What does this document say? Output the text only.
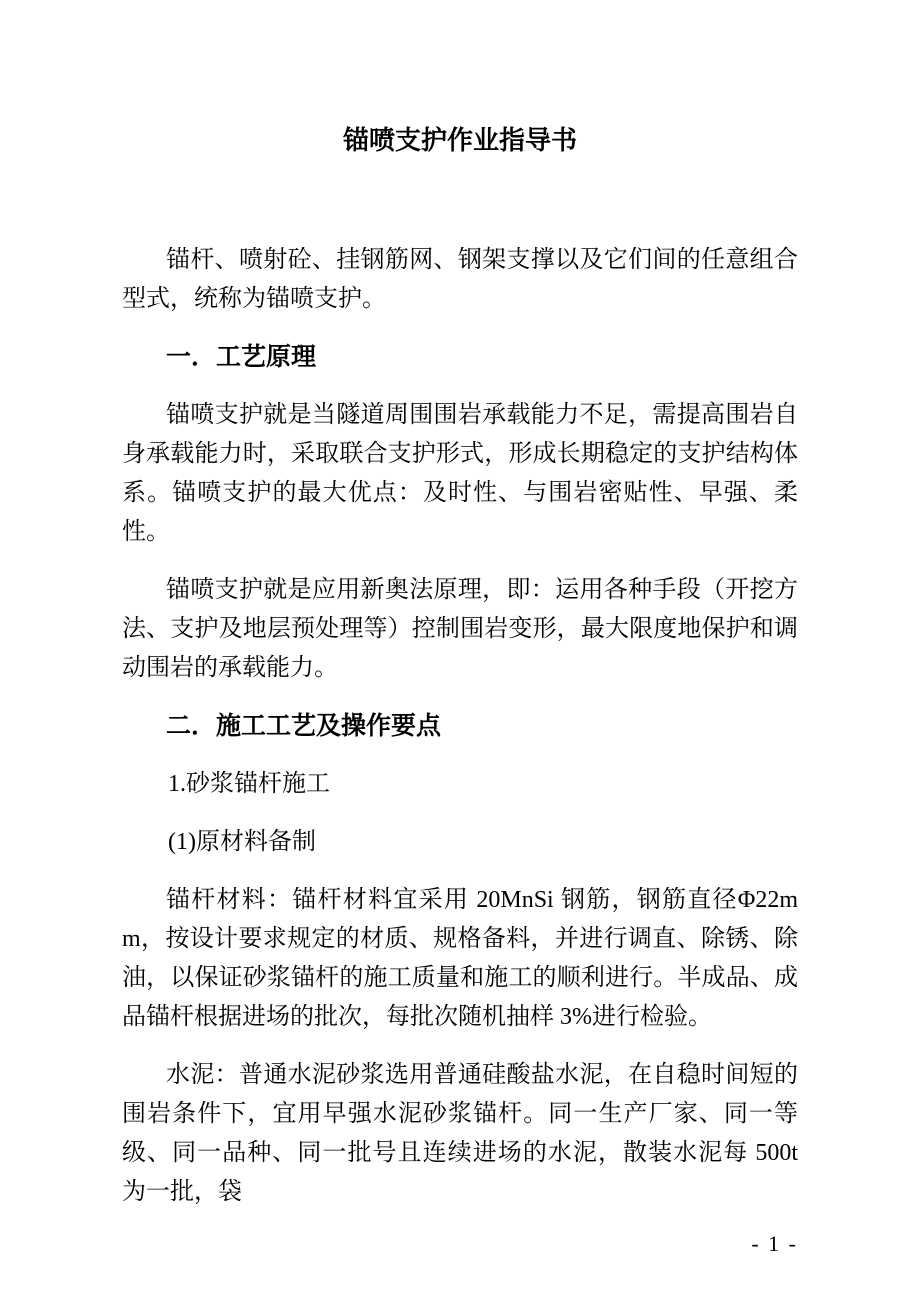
锚喷支护作业指导书

锚杆、喷射砼、挂钢筋网、钢架支撑以及它们间的任意组合型式，统称为锚喷支护。

一．工艺原理

锚喷支护就是当隧道周围围岩承载能力不足，需提高围岩自身承载能力时，采取联合支护形式，形成长期稳定的支护结构体系。锚喷支护的最大优点：及时性、与围岩密贴性、早强、柔性。

锚喷支护就是应用新奥法原理，即：运用各种手段（开挖方法、支护及地层预处理等）控制围岩变形，最大限度地保护和调动围岩的承载能力。

二．施工工艺及操作要点

1.砂浆锚杆施工

(1)原材料备制

锚杆材料：锚杆材料宜采用 20MnSi 钢筋，钢筋直径Φ22mm，按设计要求规定的材质、规格备料，并进行调直、除锈、除油，以保证砂浆锚杆的施工质量和施工的顺利进行。半成品、成品锚杆根据进场的批次，每批次随机抽样 3%进行检验。

水泥：普通水泥砂浆选用普通硅酸盐水泥，在自稳时间短的围岩条件下，宜用早强水泥砂浆锚杆。同一生产厂家、同一等级、同一品种、同一批号且连续进场的水泥，散装水泥每 500t 为一批，袋

- 1 -
